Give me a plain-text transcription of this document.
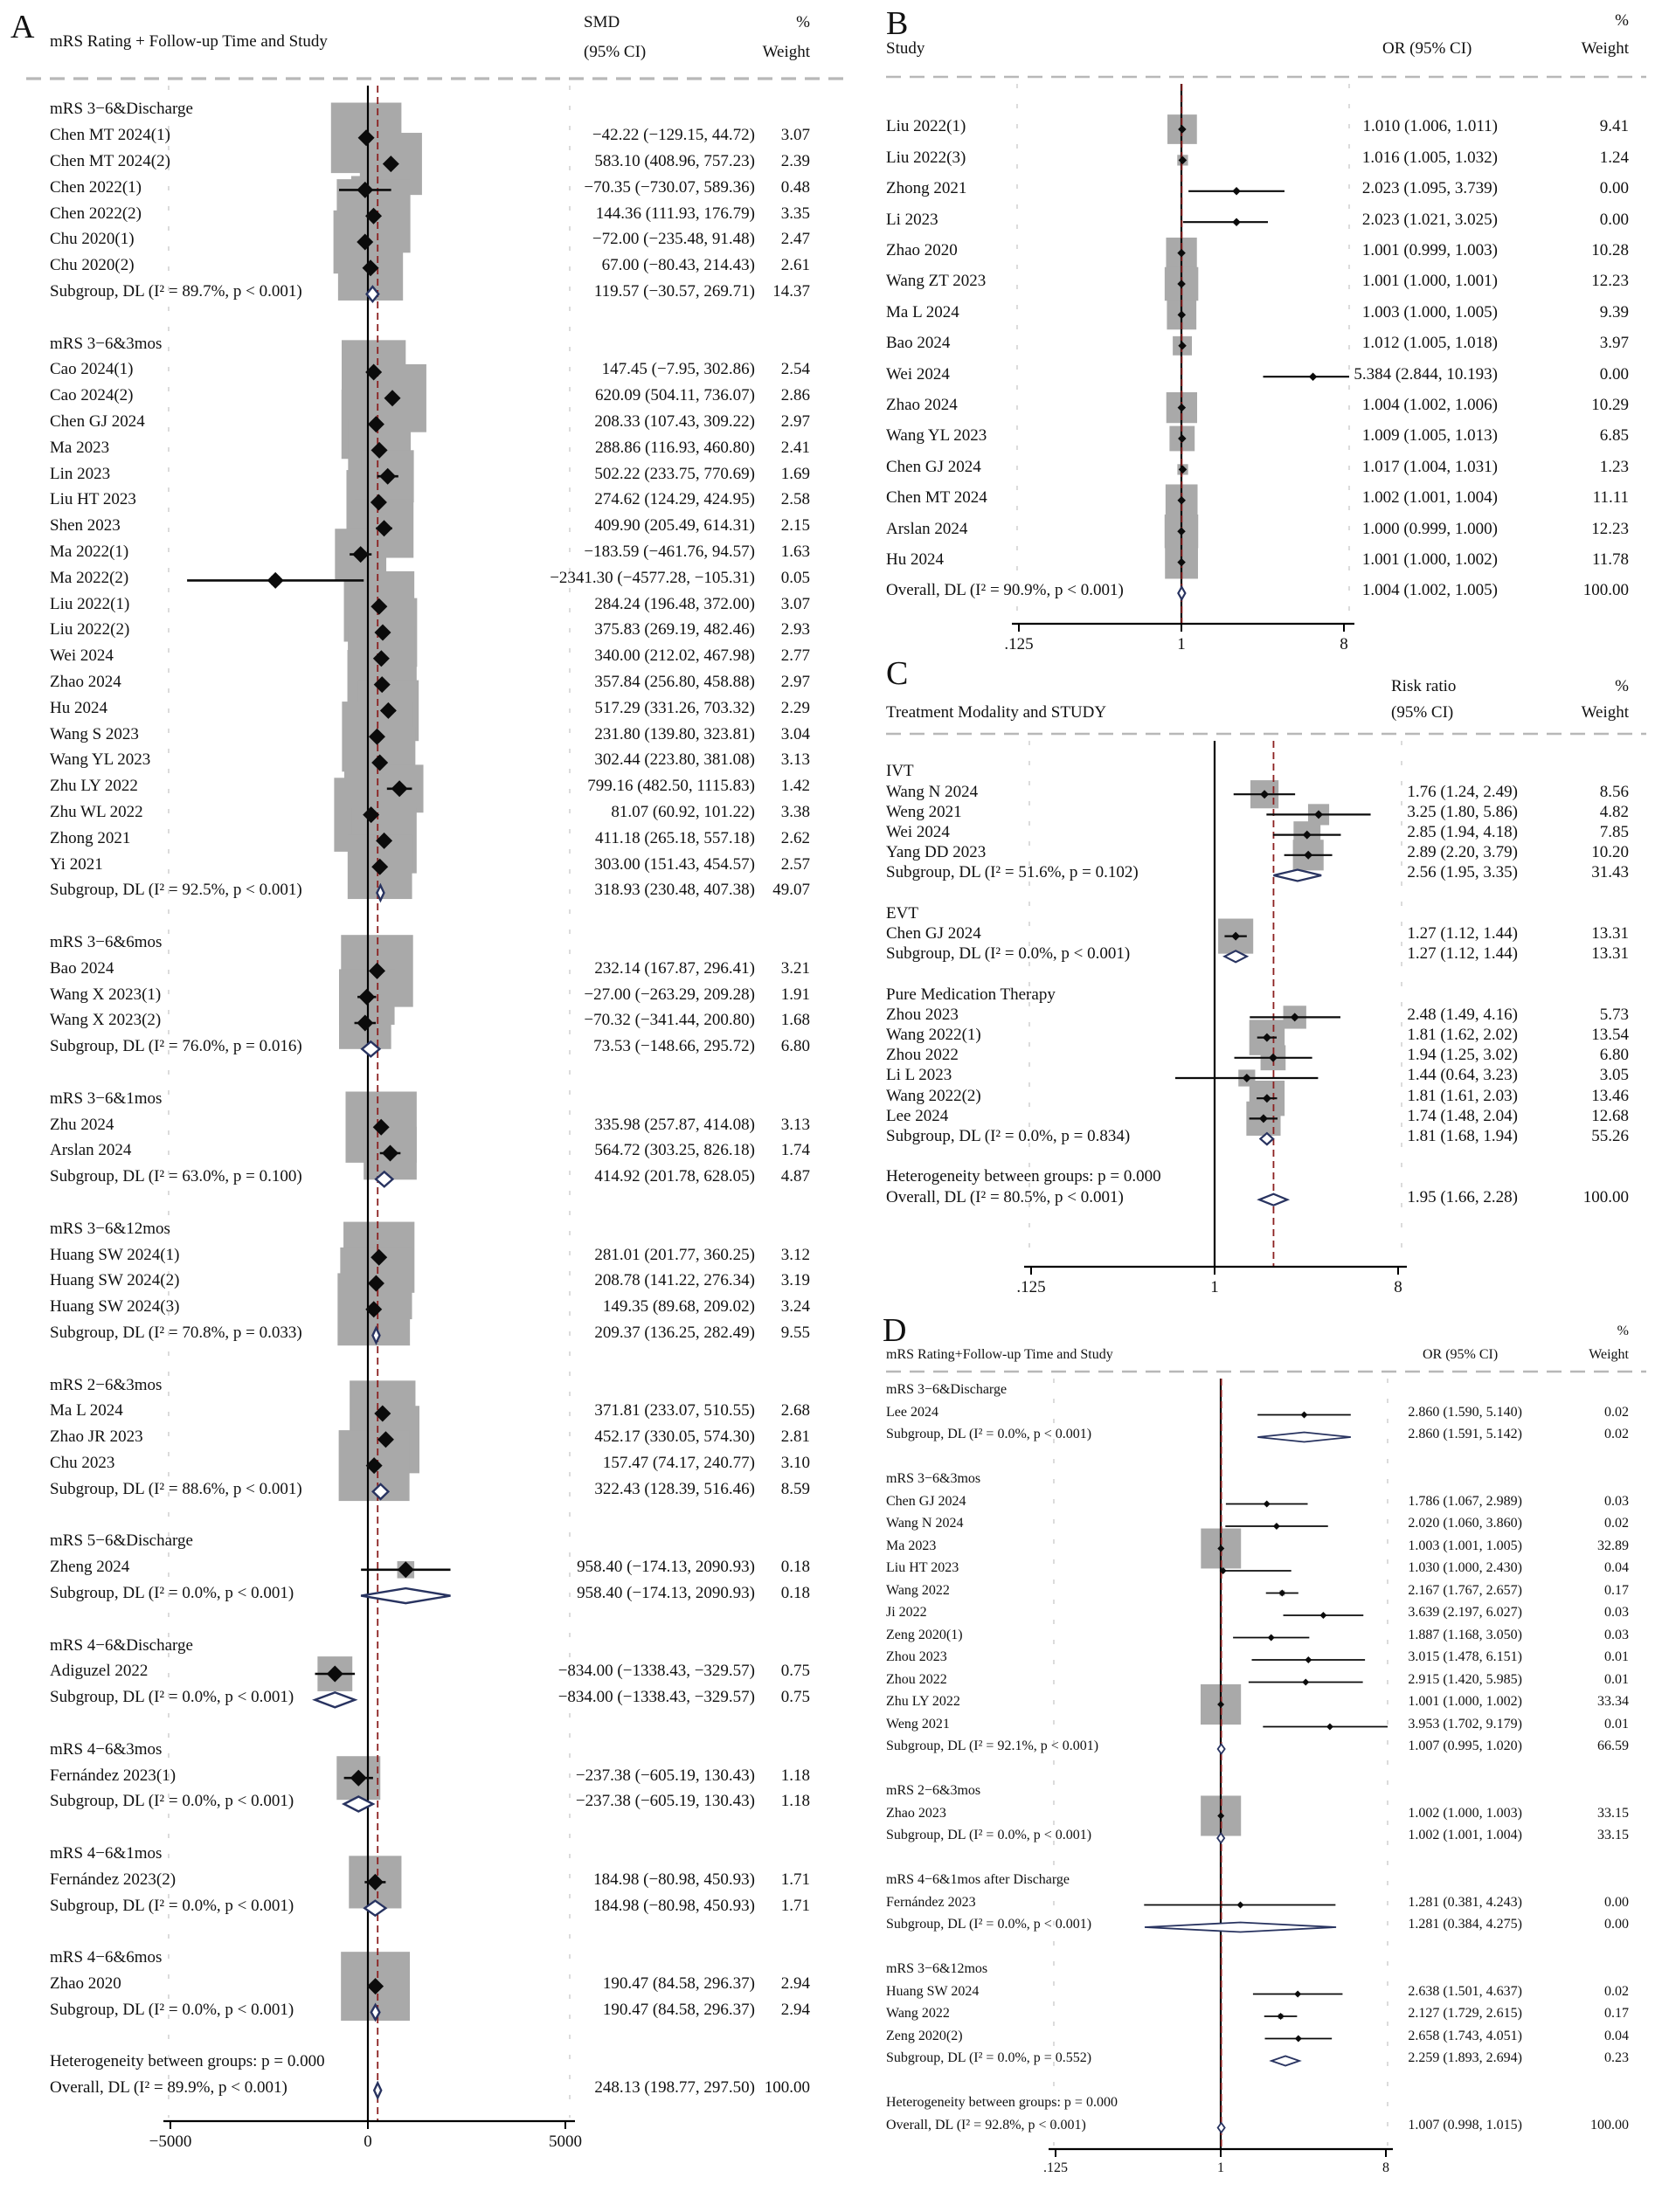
A	%
Weight
SMD
(95% CI)
mRS Rating + Follow-up Time and Study
mRS 3−6&Discharge
Chen MT 2024(1)	−42.22 (−129.15, 44.72) 3.07
Chen MT 2024(2)	583.10 (408.96, 757.23) 2.39
Chen 2022(1)	−70.35 (−730.07, 589.36) 0.48
Chen 2022(2)	144.36 (111.93, 176.79) 3.35
Chu 2020(1)	−72.00 (−235.48, 91.48) 2.47
Chu 2020(2)	67.00 (−80.43, 214.43) 2.61
Subgroup, DL (I² = 89.7%, p < 0.001)	119.57 (−30.57, 269.71) 14.37
mRS 3−6&3mos
Cao 2024(1)	147.45 (−7.95, 302.86) 2.54
Cao 2024(2)	620.09 (504.11, 736.07) 2.86
Chen GJ 2024	208.33 (107.43, 309.22) 2.97
Ma 2023	288.86 (116.93, 460.80) 2.41
Lin 2023	502.22 (233.75, 770.69) 1.69
Liu HT 2023	274.62 (124.29, 424.95) 2.58
Shen 2023	409.90 (205.49, 614.31) 2.15
Ma 2022(1)	−183.59 (−461.76, 94.57) 1.63
Ma 2022(2)	−2341.30 (−4577.28, −105.31) 0.05
Liu 2022(1)	284.24 (196.48, 372.00) 3.07
Liu 2022(2)	375.83 (269.19, 482.46) 2.93
Wei 2024	340.00 (212.02, 467.98) 2.77
Zhao 2024	357.84 (256.80, 458.88) 2.97
Hu 2024	517.29 (331.26, 703.32) 2.29
Wang S 2023	231.80 (139.80, 323.81) 3.04
Wang YL 2023	302.44 (223.80, 381.08) 3.13
Zhu LY 2022	799.16 (482.50, 1115.83) 1.42
Zhu WL 2022	81.07 (60.92, 101.22) 3.38
Zhong 2021	411.18 (265.18, 557.18) 2.62
Yi 2021	303.00 (151.43, 454.57) 2.57
Subgroup, DL (I² = 92.5%, p < 0.001)	318.93 (230.48, 407.38) 49.07
mRS 3−6&6mos
Bao 2024	232.14 (167.87, 296.41) 3.21
Wang X 2023(1)	−27.00 (−263.29, 209.28) 1.91
Wang X 2023(2)	−70.32 (−341.44, 200.80) 1.68
Subgroup, DL (I² = 76.0%, p = 0.016)	73.53 (−148.66, 295.72) 6.80
mRS 3−6&1mos
Zhu 2024	335.98 (257.87, 414.08) 3.13
Arslan 2024	564.72 (303.25, 826.18) 1.74
Subgroup, DL (I² = 63.0%, p = 0.100)	414.92 (201.78, 628.05) 4.87
mRS 3−6&12mos
Huang SW 2024(1)	281.01 (201.77, 360.25) 3.12
Huang SW 2024(2)	208.78 (141.22, 276.34) 3.19
Huang SW 2024(3)	149.35 (89.68, 209.02) 3.24
Subgroup, DL (I² = 70.8%, p = 0.033)	209.37 (136.25, 282.49) 9.55
mRS 2−6&3mos
Ma L 2024	371.81 (233.07, 510.55) 2.68
Zhao JR 2023	452.17 (330.05, 574.30) 2.81
Chu 2023	157.47 (74.17, 240.77) 3.10
Subgroup, DL (I² = 88.6%, p < 0.001)	322.43 (128.39, 516.46) 8.59
mRS 5−6&Discharge
Zheng 2024	958.40 (−174.13, 2090.93) 0.18
Subgroup, DL (I² = 0.0%, p < 0.001)	958.40 (−174.13, 2090.93) 0.18
mRS 4−6&Discharge
Adiguzel 2022	−834.00 (−1338.43, −329.57) 0.75
Subgroup, DL (I² = 0.0%, p < 0.001)	−834.00 (−1338.43, −329.57) 0.75
mRS 4−6&3mos
Fernández 2023(1)	−237.38 (−605.19, 130.43) 1.18
Subgroup, DL (I² = 0.0%, p < 0.001)	−237.38 (−605.19, 130.43) 1.18
mRS 4−6&1mos
Fernández 2023(2)	184.98 (−80.98, 450.93) 1.71
Subgroup, DL (I² = 0.0%, p < 0.001)	184.98 (−80.98, 450.93) 1.71
mRS 4−6&6mos
Zhao 2020	190.47 (84.58, 296.37) 2.94
Subgroup, DL (I² = 0.0%, p < 0.001)	190.47 (84.58, 296.37) 2.94
Heterogeneity between groups: p = 0.000
Overall, DL (I² = 89.9%, p < 0.001)	248.13 (198.77, 297.50) 100.00
−5000	0	5000
B	%
Weight
OR (95% CI)
Study
Liu 2022(1)	1.010 (1.006, 1.011)	9.41
Liu 2022(3)	1.016 (1.005, 1.032)	1.24
Zhong 2021	2.023 (1.095, 3.739)	0.00
Li 2023	2.023 (1.021, 3.025)	0.00
Zhao 2020	1.001 (0.999, 1.003)	10.28
Wang ZT 2023	1.001 (1.000, 1.001)	12.23
Ma L 2024	1.003 (1.000, 1.005)	9.39
Bao 2024	1.012 (1.005, 1.018)	3.97
Wei 2024	5.384 (2.844, 10.193)	0.00
Zhao 2024	1.004 (1.002, 1.006)	10.29
Wang YL 2023	1.009 (1.005, 1.013)	6.85
Chen GJ 2024	1.017 (1.004, 1.031)	1.23
Chen MT 2024	1.002 (1.001, 1.004)	11.11
Arslan 2024	1.000 (0.999, 1.000)	12.23
Hu 2024	1.001 (1.000, 1.002)	11.78
Overall, DL (I² = 90.9%, p < 0.001)	1.004 (1.002, 1.005)	100.00
.125	1	8
C	%
Weight
Risk ratio
(95% CI)
Treatment Modality and STUDY
IVT
Wang N 2024	1.76 (1.24, 2.49)	8.56
Weng 2021	3.25 (1.80, 5.86)	4.82
Wei 2024	2.85 (1.94, 4.18)	7.85
Yang DD 2023	2.89 (2.20, 3.79)	10.20
Subgroup, DL (I² = 51.6%, p = 0.102)	2.56 (1.95, 3.35)	31.43
EVT
Chen GJ 2024	1.27 (1.12, 1.44)	13.31
Subgroup, DL (I² = 0.0%, p < 0.001)	1.27 (1.12, 1.44)	13.31
Pure Medication Therapy
Zhou 2023	2.48 (1.49, 4.16)	5.73
Wang 2022(1)	1.81 (1.62, 2.02)	13.54
Zhou 2022	1.94 (1.25, 3.02)	6.80
Li L 2023	1.44 (0.64, 3.23)	3.05
Wang 2022(2)	1.81 (1.61, 2.03)	13.46
Lee 2024	1.74 (1.48, 2.04)	12.68
Subgroup, DL (I² = 0.0%, p = 0.834)	1.81 (1.68, 1.94)	55.26
Heterogeneity between groups: p = 0.000
Overall, DL (I² = 80.5%, p < 0.001)	1.95 (1.66, 2.28)	100.00
.125	1	8
D	%
Weight
OR (95% CI)
mRS Rating+Follow-up Time and Study
mRS 3−6&Discharge
Lee 2024	2.860 (1.590, 5.140)	0.02
Subgroup, DL (I² = 0.0%, p < 0.001)	2.860 (1.591, 5.142)	0.02
mRS 3−6&3mos
Chen GJ 2024	1.786 (1.067, 2.989)	0.03
Wang N 2024	2.020 (1.060, 3.860)	0.02
Ma 2023	1.003 (1.001, 1.005)	32.89
Liu HT 2023	1.030 (1.000, 2.430)	0.04
Wang 2022	2.167 (1.767, 2.657)	0.17
Ji 2022	3.639 (2.197, 6.027)	0.03
Zeng 2020(1)	1.887 (1.168, 3.050)	0.03
Zhou 2023	3.015 (1.478, 6.151)	0.01
Zhou 2022	2.915 (1.420, 5.985)	0.01
Zhu LY 2022	1.001 (1.000, 1.002)	33.34
Weng 2021	3.953 (1.702, 9.179)	0.01
Subgroup, DL (I² = 92.1%, p < 0.001)	1.007 (0.995, 1.020)	66.59
mRS 2−6&3mos
Zhao 2023	1.002 (1.000, 1.003)	33.15
Subgroup, DL (I² = 0.0%, p < 0.001)	1.002 (1.001, 1.004)	33.15
mRS 4−6&1mos after Discharge
Fernández 2023	1.281 (0.381, 4.243)	0.00
Subgroup, DL (I² = 0.0%, p < 0.001)	1.281 (0.384, 4.275)	0.00
mRS 3−6&12mos
Huang SW 2024	2.638 (1.501, 4.637)	0.02
Wang 2022	2.127 (1.729, 2.615)	0.17
Zeng 2020(2)	2.658 (1.743, 4.051)	0.04
Subgroup, DL (I² = 0.0%, p = 0.552)	2.259 (1.893, 2.694)	0.23
Heterogeneity between groups: p = 0.000
Overall, DL (I² = 92.8%, p < 0.001)	1.007 (0.998, 1.015)	100.00
.125	1	8
